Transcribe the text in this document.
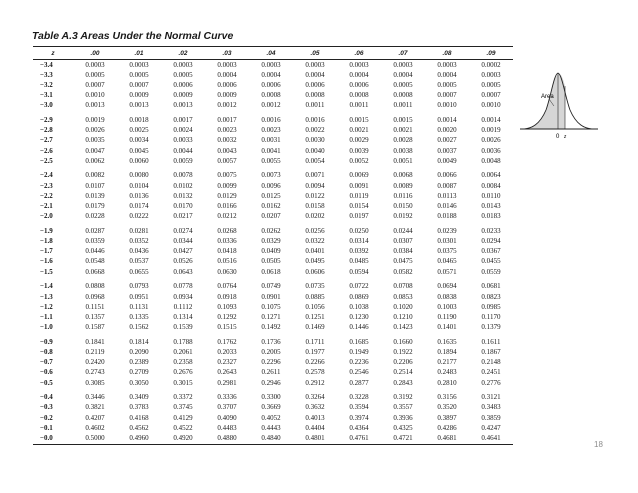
Table A.3 Areas Under the Normal Curve
z	.00	.01	.02	.03	.04	.05	.06	.07	.08	.09
−3.4	0.0003	0.0003	0.0003	0.0003	0.0003	0.0003	0.0003	0.0003	0.0003	0.0002
−3.3	0.0005	0.0005	0.0005	0.0004	0.0004	0.0004	0.0004	0.0004	0.0004	0.0003
−3.2	0.0007	0.0007	0.0006	0.0006	0.0006	0.0006	0.0006	0.0005	0.0005	0.0005
−3.1	0.0010	0.0009	0.0009	0.0009	0.0008	0.0008	0.0008	0.0008	0.0007	0.0007
−3.0	0.0013	0.0013	0.0013	0.0012	0.0012	0.0011	0.0011	0.0011	0.0010	0.0010
−2.9	0.0019	0.0018	0.0017	0.0017	0.0016	0.0016	0.0015	0.0015	0.0014	0.0014
−2.8	0.0026	0.0025	0.0024	0.0023	0.0023	0.0022	0.0021	0.0021	0.0020	0.0019
−2.7	0.0035	0.0034	0.0033	0.0032	0.0031	0.0030	0.0029	0.0028	0.0027	0.0026
−2.6	0.0047	0.0045	0.0044	0.0043	0.0041	0.0040	0.0039	0.0038	0.0037	0.0036
−2.5	0.0062	0.0060	0.0059	0.0057	0.0055	0.0054	0.0052	0.0051	0.0049	0.0048
−2.4	0.0082	0.0080	0.0078	0.0075	0.0073	0.0071	0.0069	0.0068	0.0066	0.0064
−2.3	0.0107	0.0104	0.0102	0.0099	0.0096	0.0094	0.0091	0.0089	0.0087	0.0084
−2.2	0.0139	0.0136	0.0132	0.0129	0.0125	0.0122	0.0119	0.0116	0.0113	0.0110
−2.1	0.0179	0.0174	0.0170	0.0166	0.0162	0.0158	0.0154	0.0150	0.0146	0.0143
−2.0	0.0228	0.0222	0.0217	0.0212	0.0207	0.0202	0.0197	0.0192	0.0188	0.0183
−1.9	0.0287	0.0281	0.0274	0.0268	0.0262	0.0256	0.0250	0.0244	0.0239	0.0233
−1.8	0.0359	0.0352	0.0344	0.0336	0.0329	0.0322	0.0314	0.0307	0.0301	0.0294
−1.7	0.0446	0.0436	0.0427	0.0418	0.0409	0.0401	0.0392	0.0384	0.0375	0.0367
−1.6	0.0548	0.0537	0.0526	0.0516	0.0505	0.0495	0.0485	0.0475	0.0465	0.0455
−1.5	0.0668	0.0655	0.0643	0.0630	0.0618	0.0606	0.0594	0.0582	0.0571	0.0559
−1.4	0.0808	0.0793	0.0778	0.0764	0.0749	0.0735	0.0722	0.0708	0.0694	0.0681
−1.3	0.0968	0.0951	0.0934	0.0918	0.0901	0.0885	0.0869	0.0853	0.0838	0.0823
−1.2	0.1151	0.1131	0.1112	0.1093	0.1075	0.1056	0.1038	0.1020	0.1003	0.0985
−1.1	0.1357	0.1335	0.1314	0.1292	0.1271	0.1251	0.1230	0.1210	0.1190	0.1170
−1.0	0.1587	0.1562	0.1539	0.1515	0.1492	0.1469	0.1446	0.1423	0.1401	0.1379
−0.9	0.1841	0.1814	0.1788	0.1762	0.1736	0.1711	0.1685	0.1660	0.1635	0.1611
−0.8	0.2119	0.2090	0.2061	0.2033	0.2005	0.1977	0.1949	0.1922	0.1894	0.1867
−0.7	0.2420	0.2389	0.2358	0.2327	0.2296	0.2266	0.2236	0.2206	0.2177	0.2148
−0.6	0.2743	0.2709	0.2676	0.2643	0.2611	0.2578	0.2546	0.2514	0.2483	0.2451
−0.5	0.3085	0.3050	0.3015	0.2981	0.2946	0.2912	0.2877	0.2843	0.2810	0.2776
−0.4	0.3446	0.3409	0.3372	0.3336	0.3300	0.3264	0.3228	0.3192	0.3156	0.3121
−0.3	0.3821	0.3783	0.3745	0.3707	0.3669	0.3632	0.3594	0.3557	0.3520	0.3483
−0.2	0.4207	0.4168	0.4129	0.4090	0.4052	0.4013	0.3974	0.3936	0.3897	0.3859
−0.1	0.4602	0.4562	0.4522	0.4483	0.4443	0.4404	0.4364	0.4325	0.4286	0.4247
−0.0	0.5000	0.4960	0.4920	0.4880	0.4840	0.4801	0.4761	0.4721	0.4681	0.4641
Area
0 z
18
